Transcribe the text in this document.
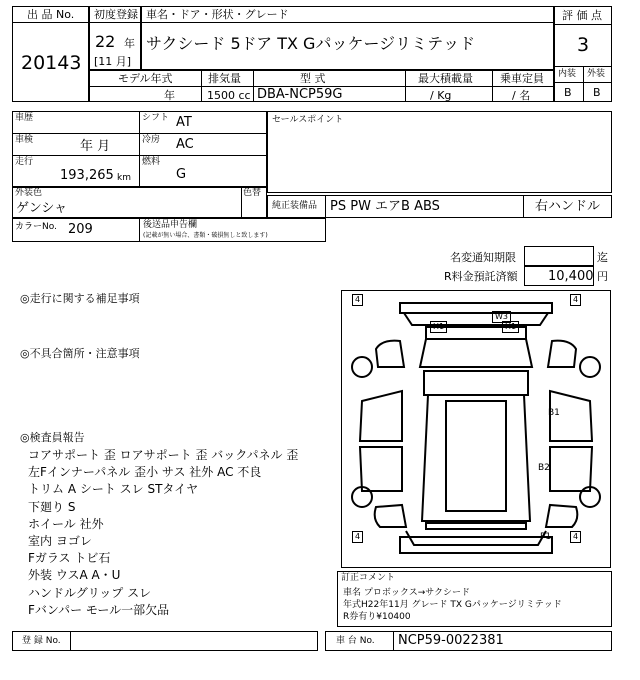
出 品 No.
20143
初度登録
22 年
[11 月]
車名・ドア・形状・グレード
サクシード 5ドア TX Gパッケージリミテッド
評 価 点
3
内装 外装
B B
モデル年式
年
排気量
1500 cc
型 式
DBA-NCP59G
最大積載量
/ Kg
乗車定員
/ 名
車歴	シフト AT
車検	年 月	冷房 AC
走行
193,265 km
燃料
G
セールスポイント
外装色
ゲンシャ
色替
純正装備品 PS PW エアB ABS	右ハンドル
カラーNo. 209	後送品申告欄
(記載が無い場合、書類・破損無しと致します)
名変通知期限	迄
R料金預託済額 10,400 円
◎走行に関する補足事項
◎不具合箇所・注意事項
◎検査員報告
コアサポート 歪 ロアサポート 歪 バックパネル 歪
左Fインナーパネル 歪小 サス 社外 AC 不良
トリム A シート スレ STタイヤ
下廻り S
ホイール 社外
室内 ヨゴレ
Fガラス トビ石
外装 ウスA A・U
ハンドルグリップ スレ
Fバンパー モール一部欠品
4	4
4	4
W3
H1	H1
B1
B2
P1
訂正コメント
車名 プロボックス→サクシード
年式H22年11月 グレード TX Gパッケージリミテッド
R券有り¥10400
登 録 No.	車 台 No. NCP59-0022381
